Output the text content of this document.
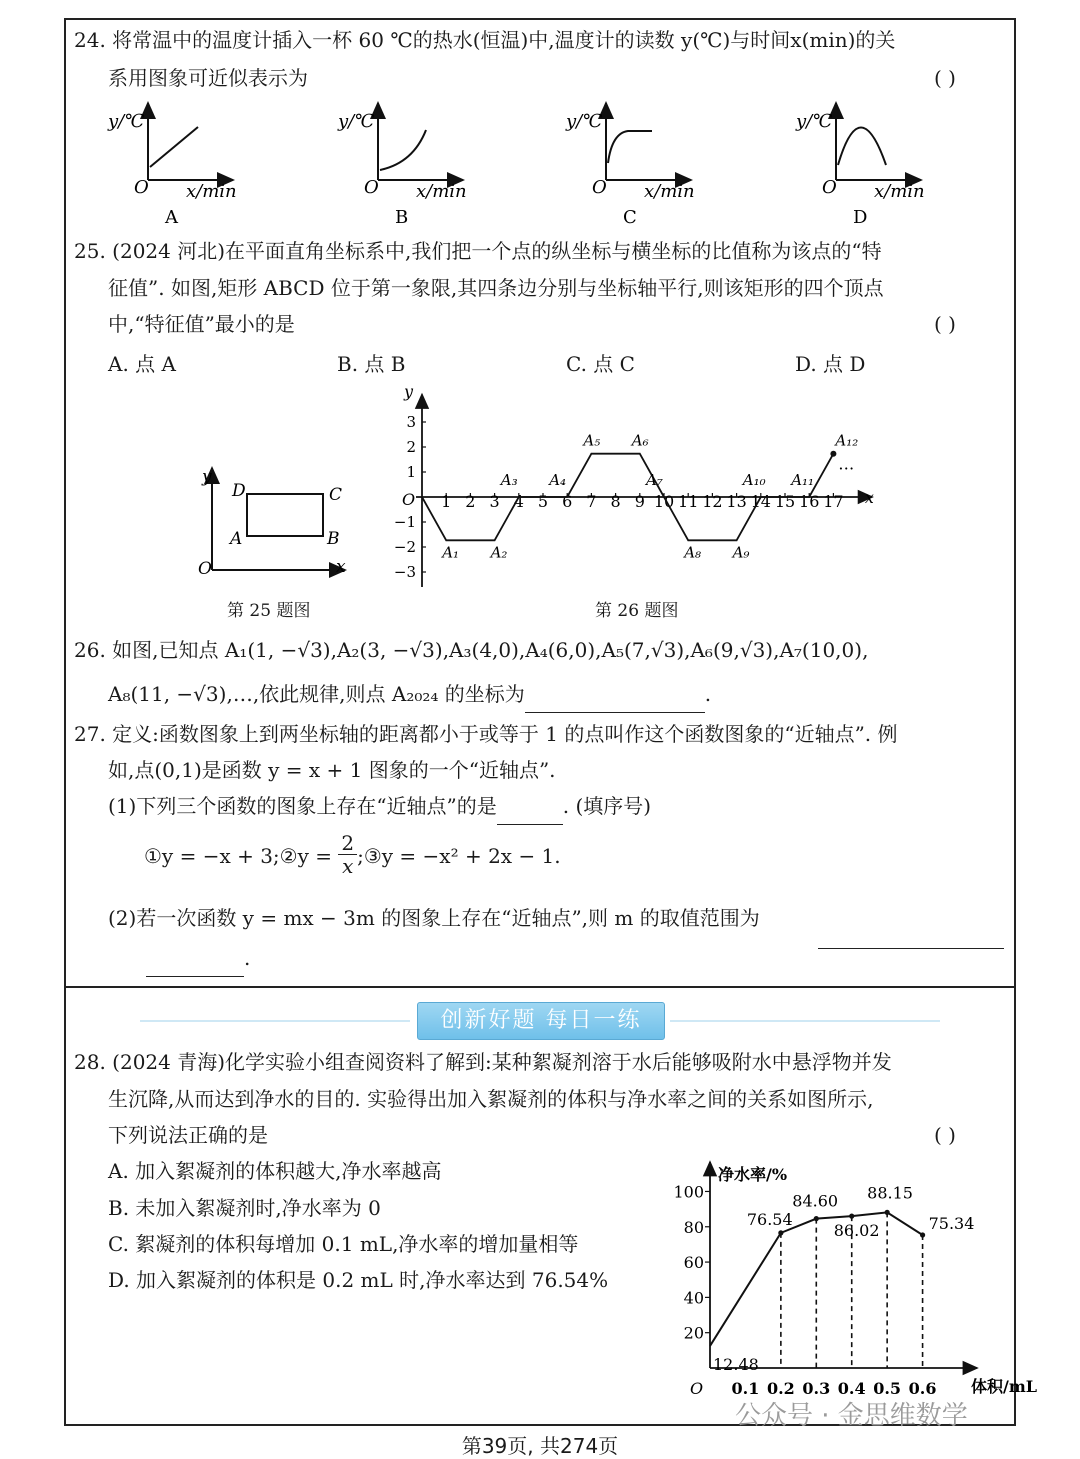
24. 将常温中的温度计插入一杯 60 ℃的热水(恒温)中,温度计的读数 y(℃)与时间x(min)的关
系用图象可近似表示为	( )
y/℃
O x/min
A
y/℃
O x/min
B
y/℃
O x/min
C
y/℃
O x/min
D
25. (2024 河北)在平面直角坐标系中,我们把一个点的纵坐标与横坐标的比值称为该点的“特
征值”. 如图,矩形 ABCD 位于第一象限,其四条边分别与坐标轴平行,则该矩形的四个顶点
中,“特征值”最小的是	( )
A. 点 A	B. 点 B	C. 点 C	D. 点 D
y
x
O
D	C
A	B
第 25 题图
y
x
O 1 2 3 4 5 6 7 8 9 10 11 12 13 14 15 16 17
3
2
1
−1
−2
−3
A₁ A₂
A₃ A₄
A₅ A₆
A₇
A₈ A₉
A₁₀ A₁₁
A₁₂
…
第 26 题图
26. 如图,已知点 A₁(1, −√3),A₂(3, −√3),A₃(4,0),A₄(6,0),A₅(7,√3),A₆(9,√3),A₇(10,0),
A₈(11, −√3),…,依此规律,则点 A₂₀₂₄ 的坐标为	.
27. 定义:函数图象上到两坐标轴的距离都小于或等于 1 的点叫作这个函数图象的“近轴点”. 例
如,点(0,1)是函数 y = x + 1 图象的一个“近轴点”.
(1)下列三个函数的图象上存在“近轴点”的是	. (填序号)
①y = −x + 3;②y = $\frac{2}{x}$ ;③y = −x² + 2x − 1.
(2)若一次函数 y = mx − 3m 的图象上存在“近轴点”,则 m 的取值范围为
.
创新好题 每日一练
28. (2024 青海)化学实验小组查阅资料了解到:某种絮凝剂溶于水后能够吸附水中悬浮物并发
生沉降,从而达到净水的目的. 实验得出加入絮凝剂的体积与净水率之间的关系如图所示,
下列说法正确的是	( )
A. 加入絮凝剂的体积越大,净水率越高
B. 未加入絮凝剂时,净水率为 0
C. 絮凝剂的体积每增加 0.1 mL,净水率的增加量相等
D. 加入絮凝剂的体积是 0.2 mL 时,净水率达到 76.54%
净水率/%
体积/mL
O
20
40
60
80
100
0.1 0.2 0.3 0.4 0.5 0.6
12.48
76.54
84.60
86.02
88.15
75.34
公众号 · 金思维数学
第39页, 共274页
